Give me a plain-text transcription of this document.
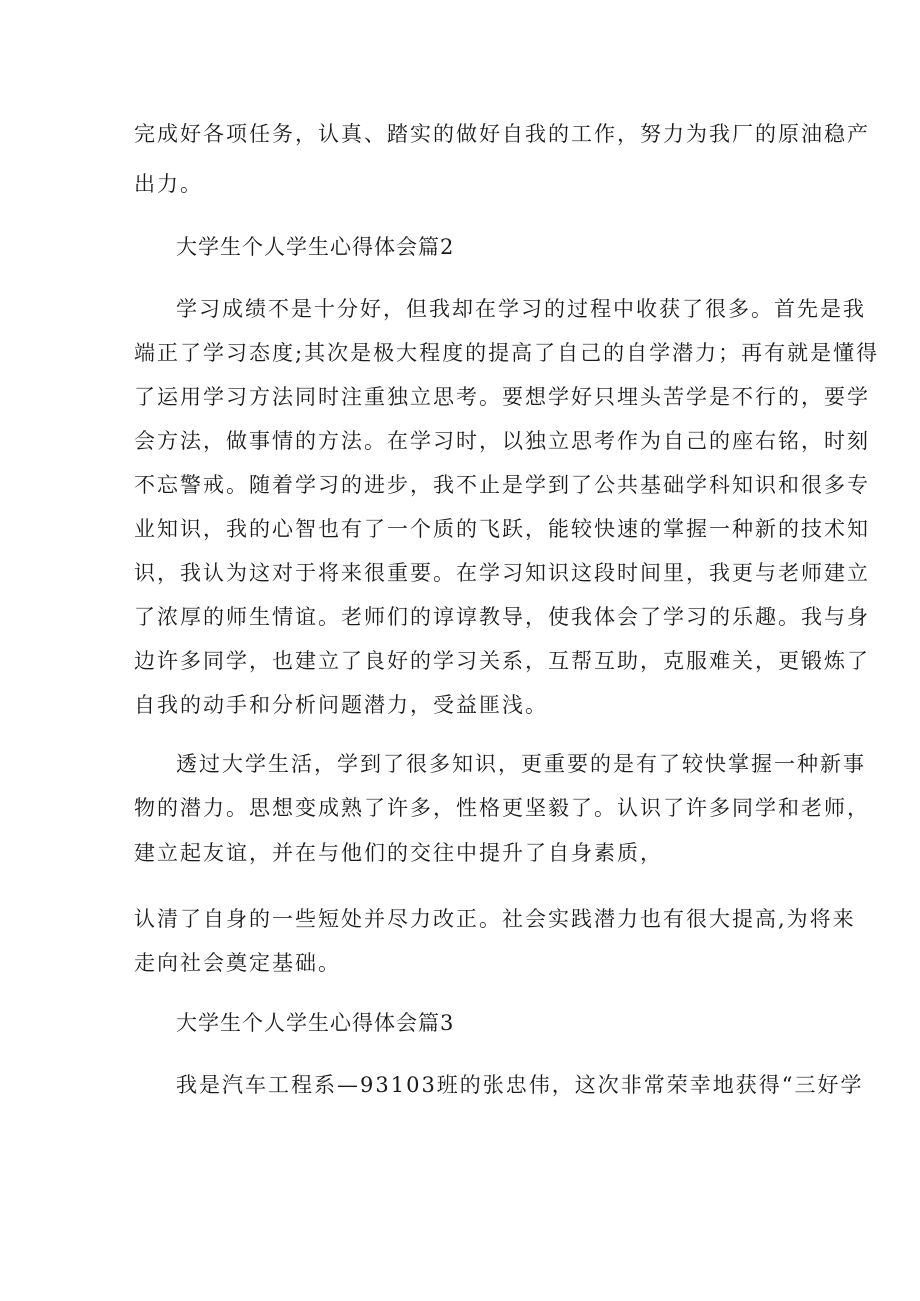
完成好各项任务，认真、踏实的做好自我的工作，努力为我厂的原油稳产
出力。
大学生个人学生心得体会篇2
学习成绩不是十分好，但我却在学习的过程中收获了很多。首先是我
端正了学习态度;其次是极大程度的提高了自己的自学潜力；再有就是懂得
了运用学习方法同时注重独立思考。要想学好只埋头苦学是不行的，要学
会方法，做事情的方法。在学习时，以独立思考作为自己的座右铭，时刻
不忘警戒。随着学习的进步，我不止是学到了公共基础学科知识和很多专
业知识，我的心智也有了一个质的飞跃，能较快速的掌握一种新的技术知
识，我认为这对于将来很重要。在学习知识这段时间里，我更与老师建立
了浓厚的师生情谊。老师们的谆谆教导，使我体会了学习的乐趣。我与身
边许多同学，也建立了良好的学习关系，互帮互助，克服难关，更锻炼了
自我的动手和分析问题潜力，受益匪浅。
透过大学生活，学到了很多知识，更重要的是有了较快掌握一种新事
物的潜力。思想变成熟了许多，性格更坚毅了。认识了许多同学和老师，
建立起友谊，并在与他们的交往中提升了自身素质，
认清了自身的一些短处并尽力改正。社会实践潜力也有很大提高,为将来
走向社会奠定基础。
大学生个人学生心得体会篇3
我是汽车工程系—93103班的张忠伟，这次非常荣幸地获得“三好学
